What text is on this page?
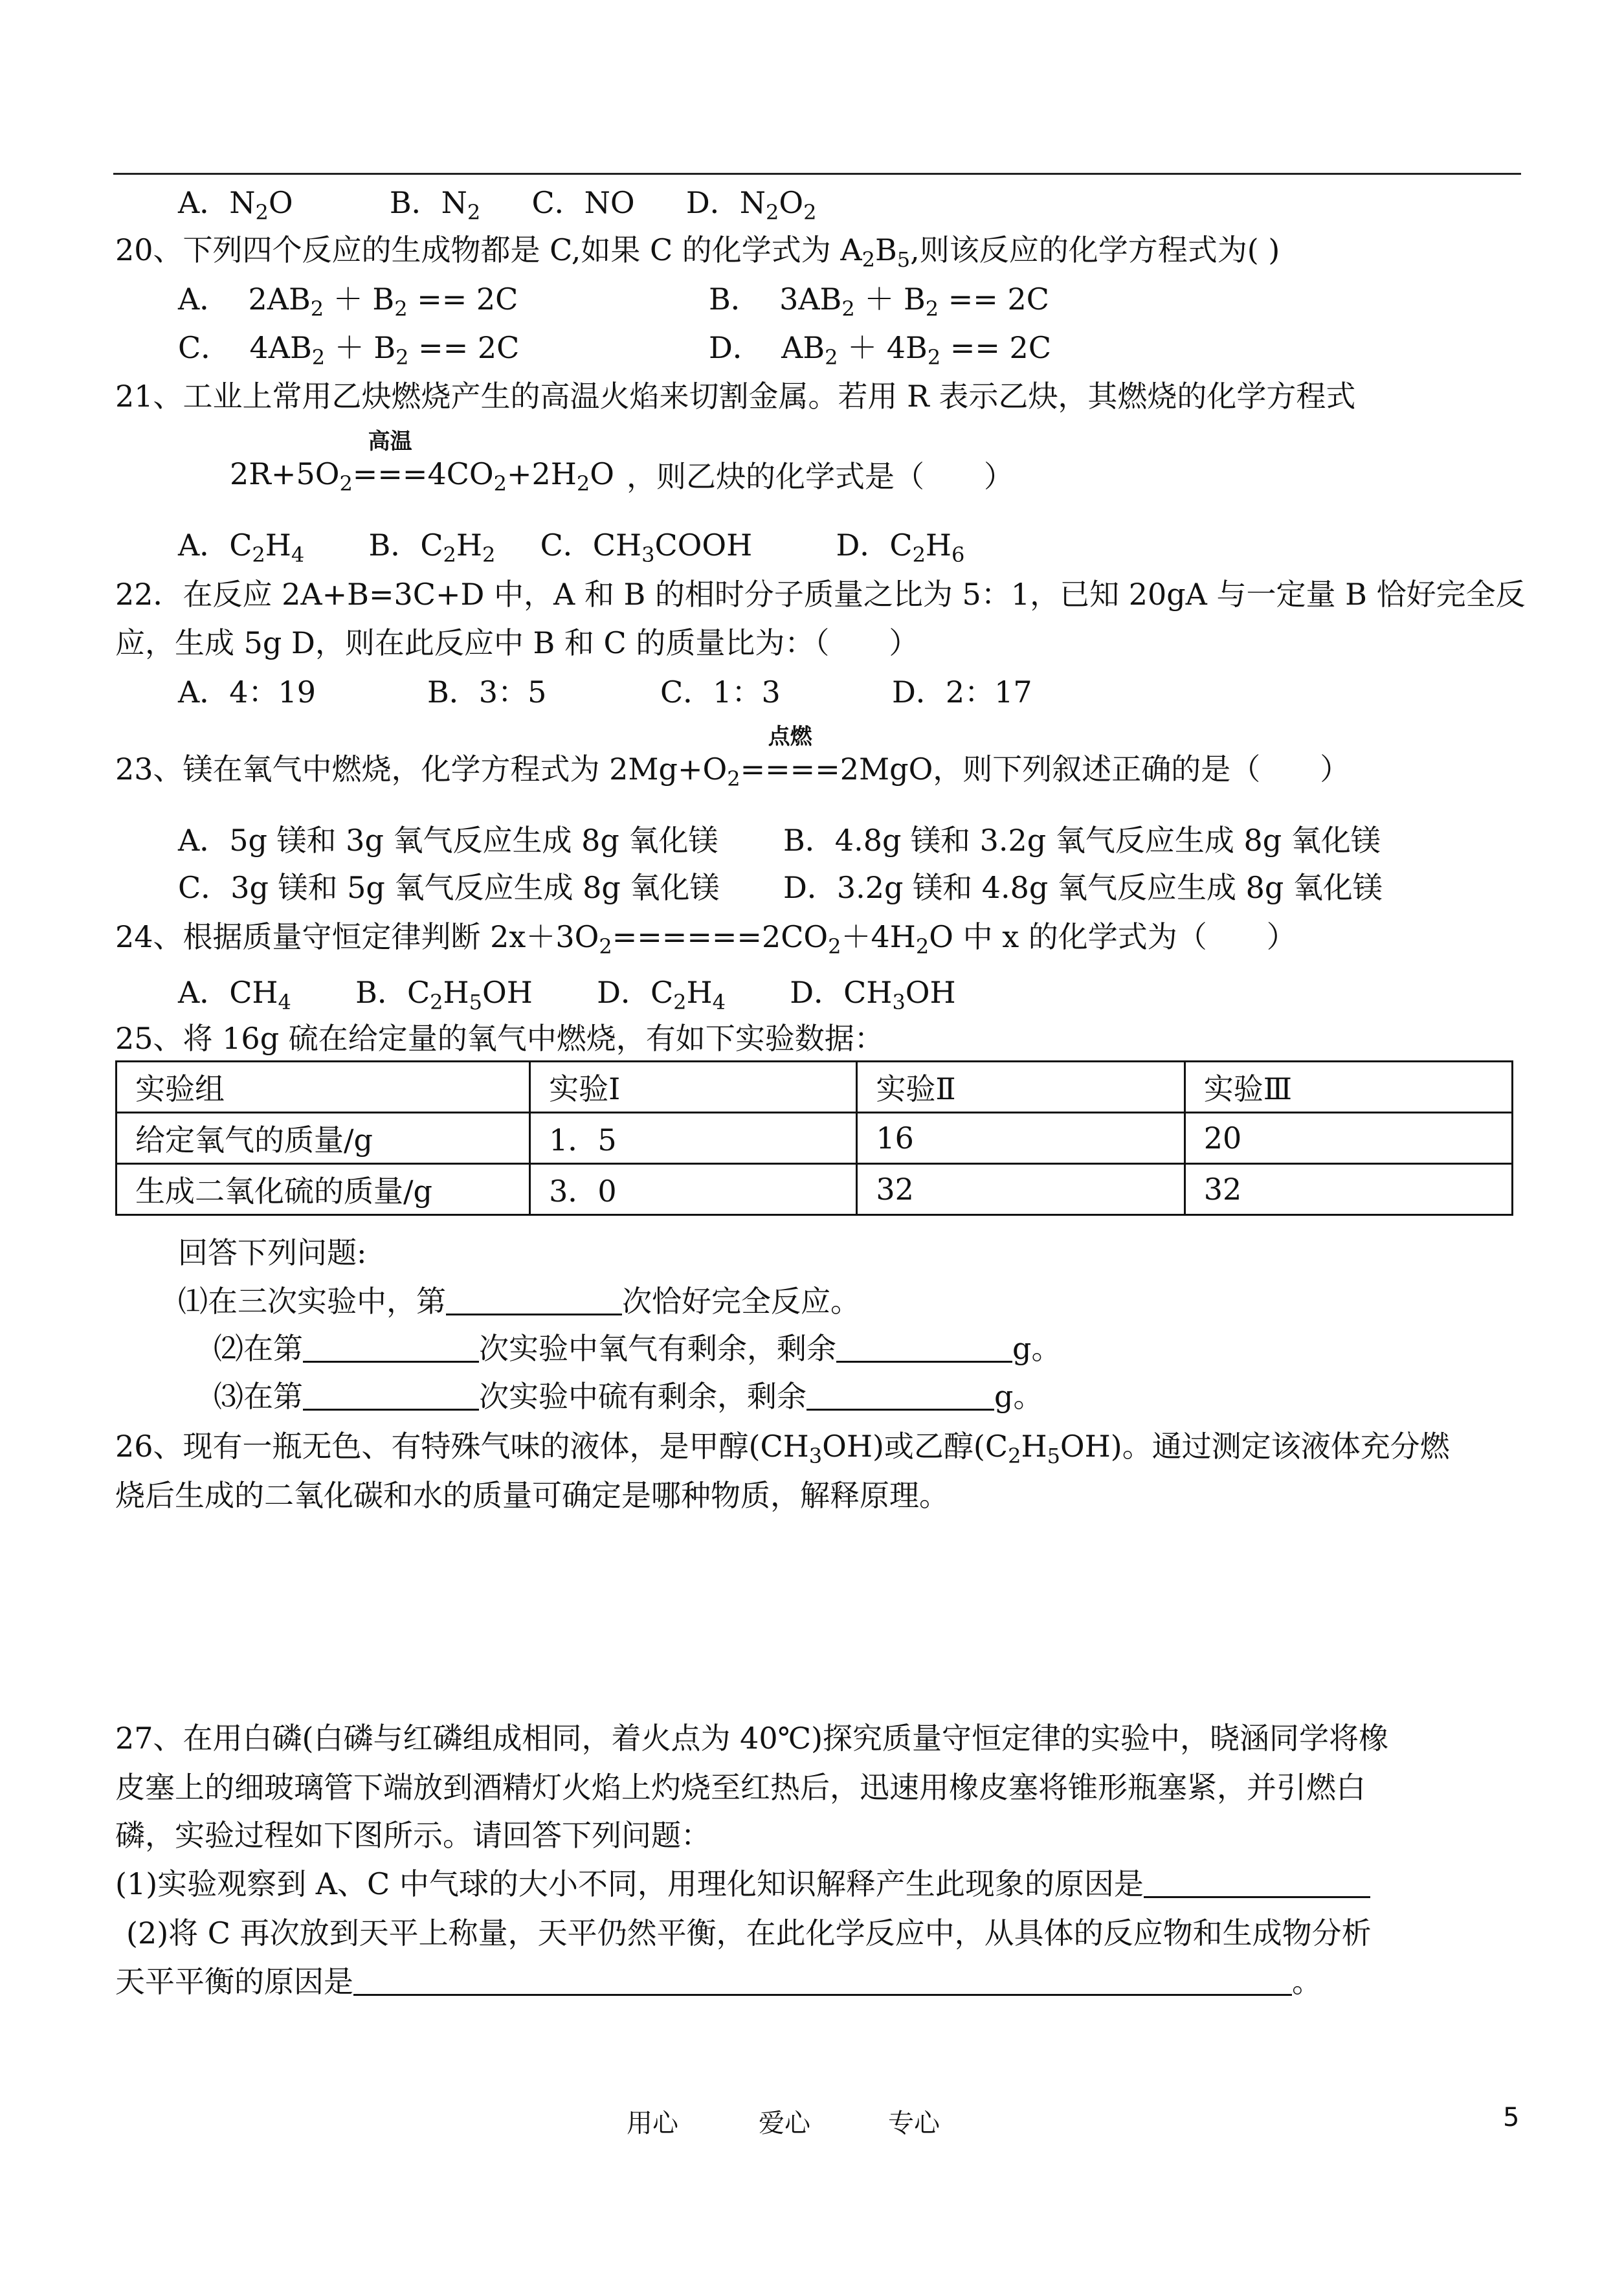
A．$N_2O$	B．$N_2$ C．NO D．$N_2O_2$
20、下列四个反应的生成物都是 C,如果 C 的化学式为 $A_2B_5$,则该反应的化学方程式为( )
A． $2AB_2 + B_2 == 2C$	B． $3AB_2 + B_2 == 2C$
C． $4AB_2 + B_2 == 2C$	D． $AB_2 + 4B_2 == 2C$
21、工业上常用乙炔燃烧产生的高温火焰来切割金属。若用 R 表示乙炔，其燃烧的化学方程式
$2R+5O_2$
高温
$===4CO_2+2H_2O$ ，则乙炔的化学式是（　　）
A．$C_2H_4$ B．$C_2H_2$ C．$CH_3COOH$	D．$C_2H_6$
22．在反应 2A+B=3C+D 中，A 和 B 的相时分子质量之比为 5：1，已知 20gA 与一定量 B 恰好完全反
应，生成 5g D，则在此反应中 B 和 C 的质量比为：（　　）
A．4：19	B．3：5	C．1：3	D．2：17
23、镁在氧气中燃烧，化学方程式为 $2Mg+O_2$
点燃
====2MgO，则下列叙述正确的是（　　）
A．5g 镁和 3g 氧气反应生成 8g 氧化镁 B．4.8g 镁和 3.2g 氧气反应生成 8g 氧化镁
C．3g 镁和 5g 氧气反应生成 8g 氧化镁 D．3.2g 镁和 4.8g 氧气反应生成 8g 氧化镁
24、根据质量守恒定律判断 $2x+3O_2======2CO_2+4H_2O$ 中 x 的化学式为（　　）
A．$CH_4$ B．$C_2H_5OH$ D．$C_2H_4$ D．$CH_3OH$
25、将 16g 硫在给定量的氧气中燃烧，有如下实验数据：
实验组	实验Ⅰ	实验Ⅱ	实验Ⅲ
给定氧气的质量/g	1．5	16	20
生成二氧化硫的质量/g	3．0	32	32
回答下列问题:
⑴在三次实验中，第	次恰好完全反应。
⑵在第	次实验中氧气有剩余，剩余	g。
⑶在第	次实验中硫有剩余，剩余	g。
26、现有一瓶无色、有特殊气味的液体，是甲醇$(CH_3OH)$或乙醇$(C_2H_5OH)$。通过测定该液体充分燃
烧后生成的二氧化碳和水的质量可确定是哪种物质，解释原理。
27、在用白磷(白磷与红磷组成相同，着火点为 40℃)探究质量守恒定律的实验中，晓涵同学将橡
皮塞上的细玻璃管下端放到酒精灯火焰上灼烧至红热后，迅速用橡皮塞将锥形瓶塞紧，并引燃白
磷，实验过程如下图所示。请回答下列问题：
(1)实验观察到 A、C 中气球的大小不同，用理化知识解释产生此现象的原因是
(2)将 C 再次放到天平上称量，天平仍然平衡，在此化学反应中，从具体的反应物和生成物分析
天平平衡的原因是	。
用心	爱心	专心	5
